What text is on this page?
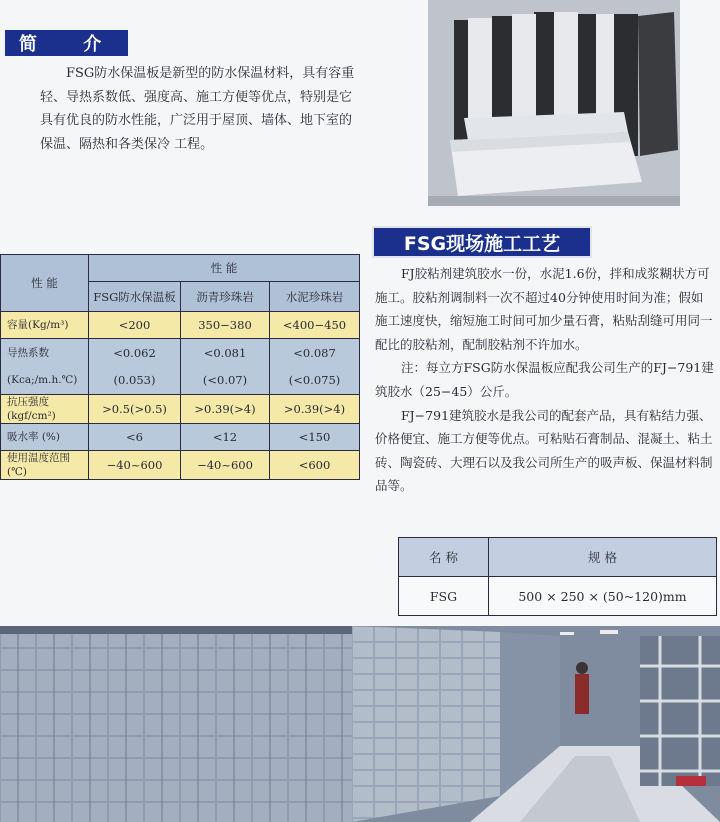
简 介
FSG防水保温板是新型的防水保温材料，具有容重轻、导热系数低、强度高、施工方便等优点，特别是它具有优良的防水性能，广泛用于屋顶、墙体、地下室的保温、隔热和各类保冷 工程。
性 能	性 能		
	FSG防水保温板	沥青珍珠岩	水泥珍珠岩
容量(Kg/m³)	<200	350−380	<400−450
导热系数	<0.062	<0.081	<0.087
(Kca;/m.h.℃)	(0.053)	(<0.07)	(<0.075)
抗压强度(kgf/cm²)	>0.5(>0.5)	>0.39(>4)	>0.39(>4)
吸水率 (%)	<6	<12	<150
使用温度范围(℃)	−40~600	−40~600	<600
FSG现场施工工艺

FJ胶粘剂建筑胶水一份，水泥1.6份，拌和成浆糊状方可施工。胶粘剂调制料一次不超过40分钟使用时间为准；假如施工速度快，缩短施工时间可加少量石膏，粘贴刮缝可用同一配比的胶粘剂，配制胶粘剂不许加水。

注：每立方FSG防水保温板应配我公司生产的FJ−791建筑胶水（25−45）公斤。

FJ−791建筑胶水是我公司的配套产品，具有粘结力强、价格便宜、施工方便等优点。可粘贴石膏制品、混凝土、粘土砖、陶瓷砖、大理石以及我公司所生产的吸声板、保温材料制品等。

名 称	规 格
FSG	500 × 250 × (50~120)mm
